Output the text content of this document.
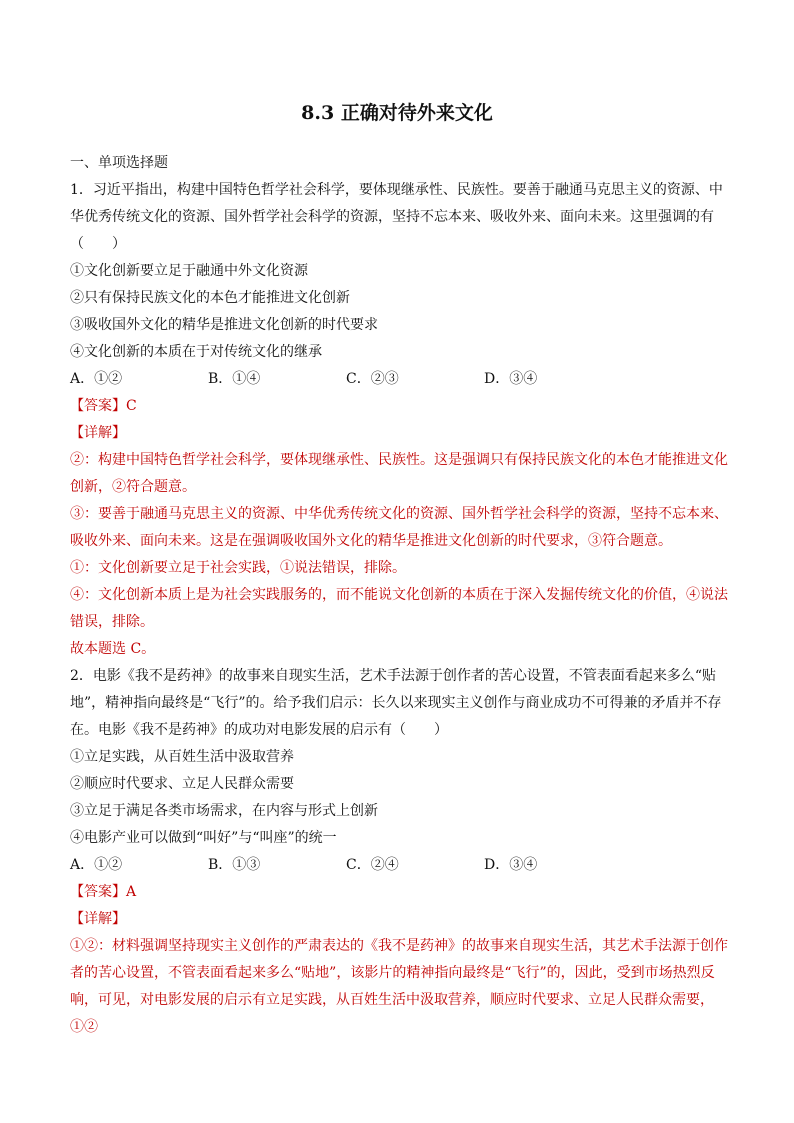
8.3 正确对待外来文化
一、单项选择题
1．习近平指出，构建中国特色哲学社会科学，要体现继承性、民族性。要善于融通马克思主义的资源、中华优秀传统文化的资源、国外哲学社会科学的资源，坚持不忘本来、吸收外来、面向未来。这里强调的有（　　）
①文化创新要立足于融通中外文化资源
②只有保持民族文化的本色才能推进文化创新
③吸收国外文化的精华是推进文化创新的时代要求
④文化创新的本质在于对传统文化的继承
A．①②	B．①④	C．②③	D．③④
【答案】C
【详解】
②：构建中国特色哲学社会科学，要体现继承性、民族性。这是强调只有保持民族文化的本色才能推进文化创新，②符合题意。
③：要善于融通马克思主义的资源、中华优秀传统文化的资源、国外哲学社会科学的资源，坚持不忘本来、吸收外来、面向未来。这是在强调吸收国外文化的精华是推进文化创新的时代要求，③符合题意。
①：文化创新要立足于社会实践，①说法错误，排除。
④：文化创新本质上是为社会实践服务的，而不能说文化创新的本质在于深入发掘传统文化的价值，④说法错误，排除。
故本题选 C。
2．电影《我不是药神》的故事来自现实生活，艺术手法源于创作者的苦心设置，不管表面看起来多么“贴地”，精神指向最终是“飞行”的。给予我们启示：长久以来现实主义创作与商业成功不可得兼的矛盾并不存在。电影《我不是药神》的成功对电影发展的启示有（　　）
①立足实践，从百姓生活中汲取营养
②顺应时代要求、立足人民群众需要
③立足于满足各类市场需求，在内容与形式上创新
④电影产业可以做到“叫好”与“叫座”的统一
A．①②	B．①③	C．②④	D．③④
【答案】A
【详解】
①②：材料强调坚持现实主义创作的严肃表达的《我不是药神》的故事来自现实生活，其艺术手法源于创作者的苦心设置，不管表面看起来多么“贴地”，该影片的精神指向最终是“飞行”的，因此，受到市场热烈反响，可见，对电影发展的启示有立足实践，从百姓生活中汲取营养，顺应时代要求、立足人民群众需要，①②
